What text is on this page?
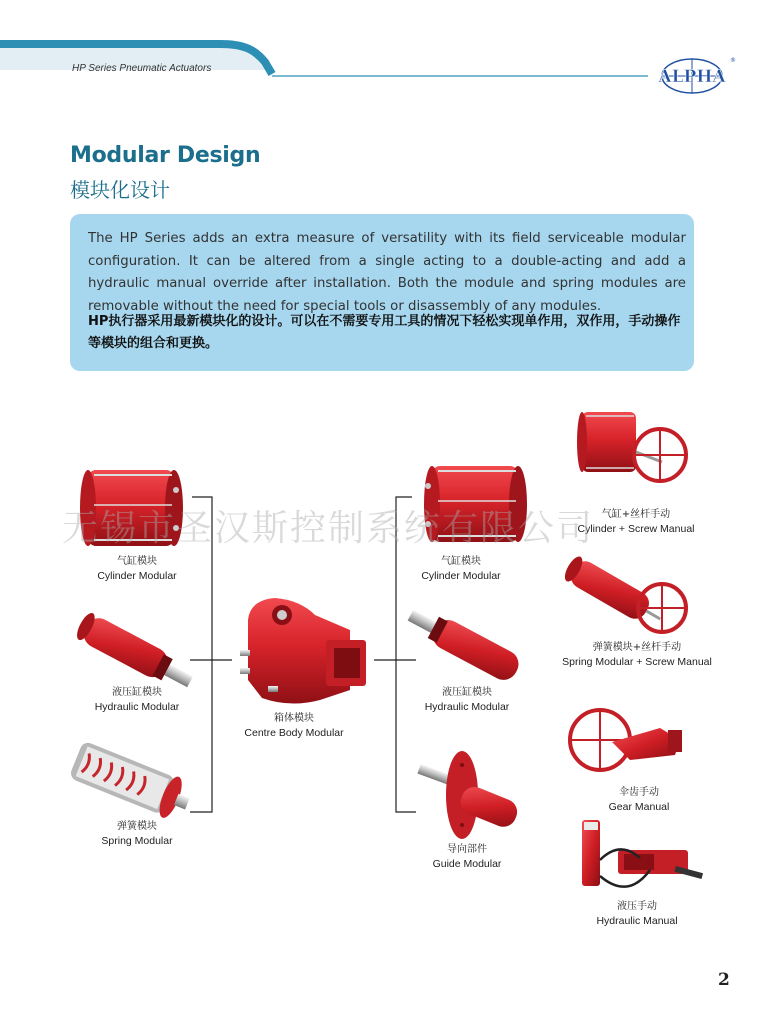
HP Series Pneumatic Actuators	ALPHA
®
Modular Design
模块化设计
The HP Series adds an extra measure of versatility with its field serviceable modular configuration. It can be altered from a single acting to a double-acting and add a hydraulic manual override after installation. Both the module and spring modules are removable without the need for special tools or disassembly of any modules.
HP执行器采用最新模块化的设计。可以在不需要专用工具的情况下轻松实现单作用，双作用，手动操作等模块的组合和更换。
气缸模块
Cylinder Modular
液压缸模块
Hydraulic Modular
弹簧模块
Spring Modular
箱体模块
Centre Body Modular
气缸模块
Cylinder Modular
液压缸模块
Hydraulic Modular
导向部件
Guide Modular
气缸+丝杆手动
Cylinder + Screw Manual
弹簧模块+丝杆手动
Spring Modular + Screw Manual
伞齿手动
Gear Manual
液压手动
Hydraulic Manual
无锡市圣汉斯控制系统有限公司
2
